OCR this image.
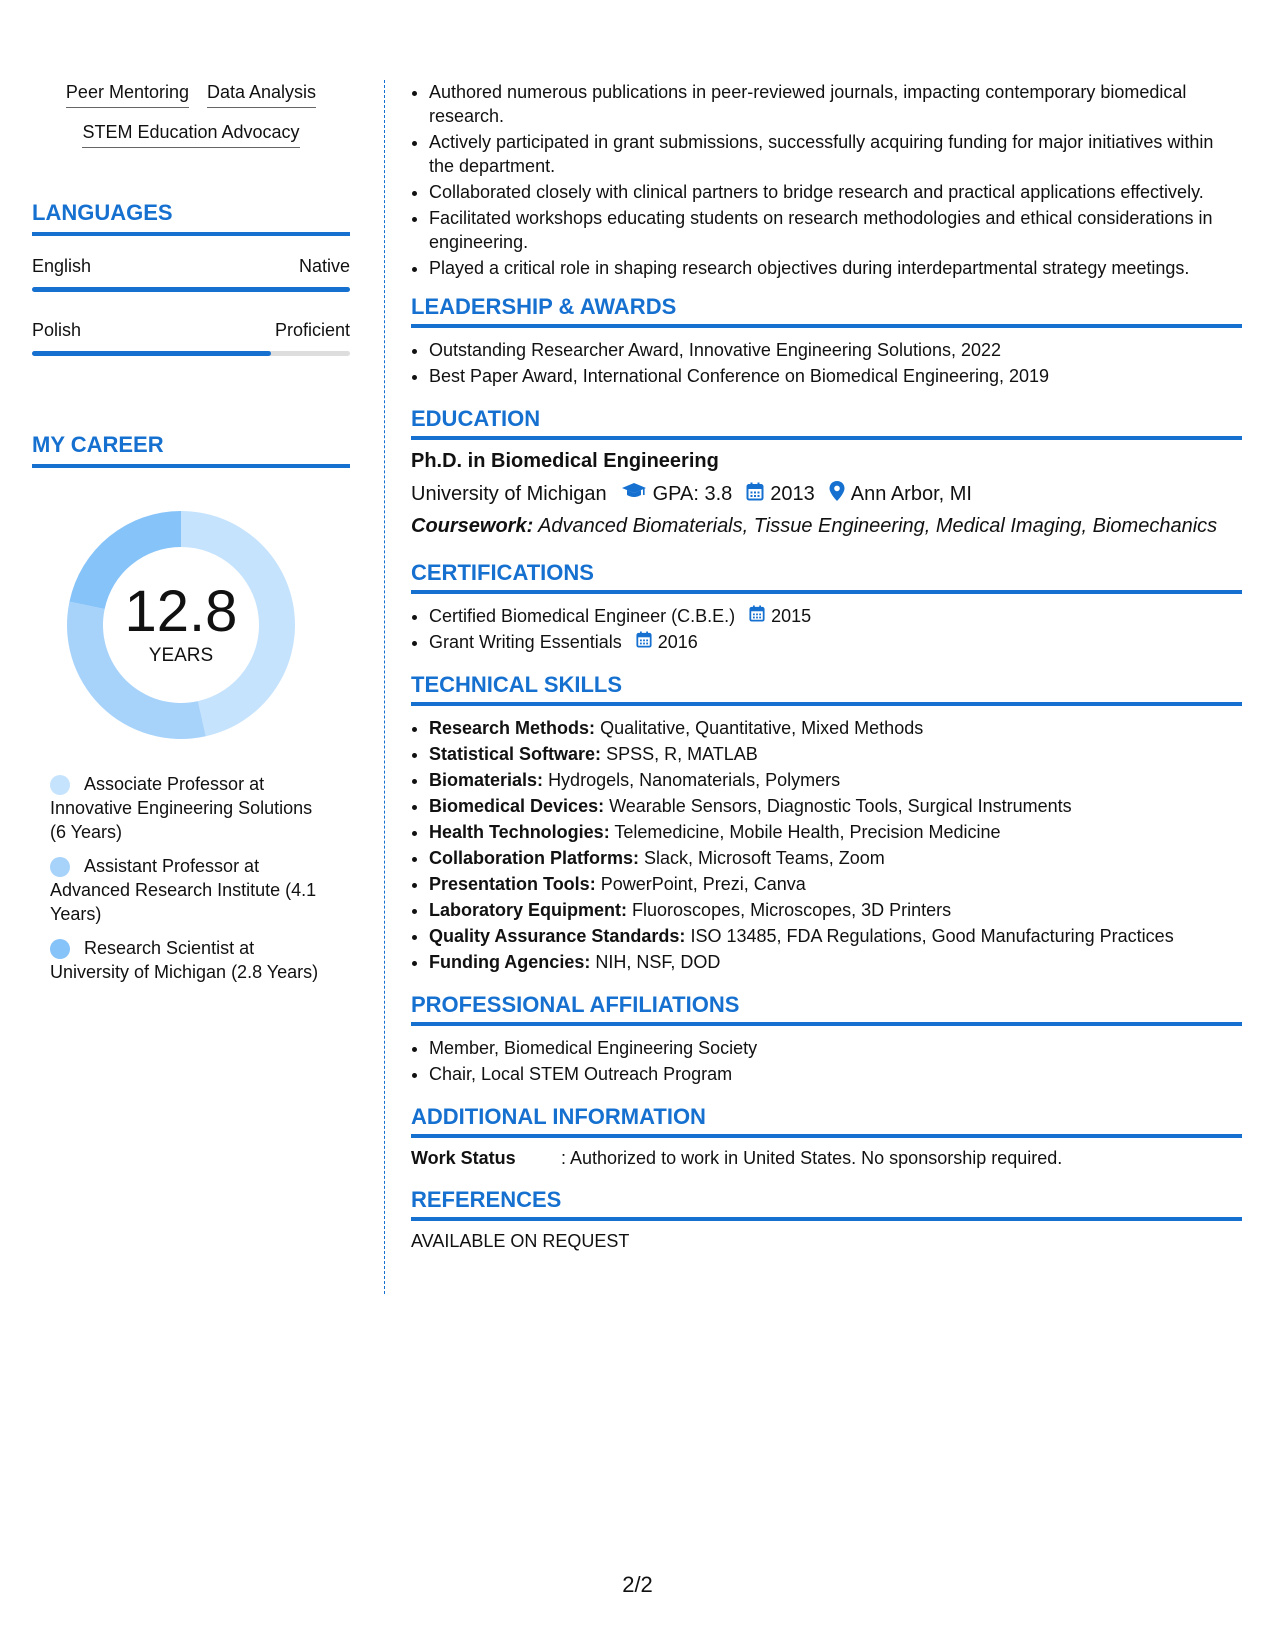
Peer Mentoring Data Analysis
STEM Education Advocacy
LANGUAGES
English	Native
Polish	Proficient
MY CAREER
12.8
YEARS
Associate Professor at Innovative Engineering Solutions (6 Years)
Assistant Professor at Advanced Research Institute (4.1 Years)
Research Scientist at University of Michigan (2.8 Years)
• Authored numerous publications in peer-reviewed journals, impacting contemporary biomedical research.
• Actively participated in grant submissions, successfully acquiring funding for major initiatives within the department.
• Collaborated closely with clinical partners to bridge research and practical applications effectively.
• Facilitated workshops educating students on research methodologies and ethical considerations in engineering.
• Played a critical role in shaping research objectives during interdepartmental strategy meetings.
LEADERSHIP & AWARDS
• Outstanding Researcher Award, Innovative Engineering Solutions, 2022
• Best Paper Award, International Conference on Biomedical Engineering, 2019
EDUCATION
Ph.D. in Biomedical Engineering
University of Michigan GPA: 3.8 2013 Ann Arbor, MI
Coursework: Advanced Biomaterials, Tissue Engineering, Medical Imaging, Biomechanics
CERTIFICATIONS
• Certified Biomedical Engineer (C.B.E.) 2015
• Grant Writing Essentials 2016
TECHNICAL SKILLS
• Research Methods: Qualitative, Quantitative, Mixed Methods
• Statistical Software: SPSS, R, MATLAB
• Biomaterials: Hydrogels, Nanomaterials, Polymers
• Biomedical Devices: Wearable Sensors, Diagnostic Tools, Surgical Instruments
• Health Technologies: Telemedicine, Mobile Health, Precision Medicine
• Collaboration Platforms: Slack, Microsoft Teams, Zoom
• Presentation Tools: PowerPoint, Prezi, Canva
• Laboratory Equipment: Fluoroscopes, Microscopes, 3D Printers
• Quality Assurance Standards: ISO 13485, FDA Regulations, Good Manufacturing Practices
• Funding Agencies: NIH, NSF, DOD
PROFESSIONAL AFFILIATIONS
• Member, Biomedical Engineering Society
• Chair, Local STEM Outreach Program
ADDITIONAL INFORMATION
Work Status	: Authorized to work in United States. No sponsorship required.
REFERENCES
AVAILABLE ON REQUEST
2/2
